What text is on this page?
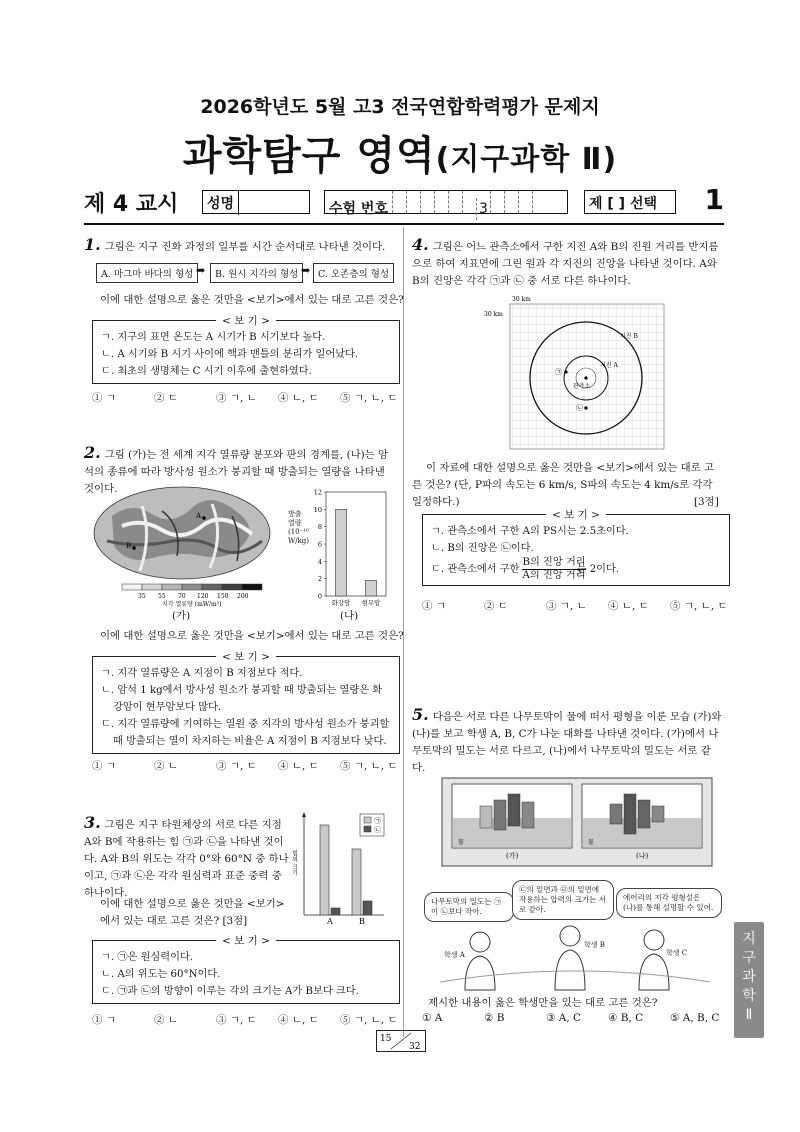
2026학년도 5월 고3 전국연합학력평가 문제지
과학탐구 영역(지구과학 Ⅱ)
제 4 교시	성명	수험 번호	3	제 [ ] 선택	1
1. 그림은 지구 진화 과정의 일부를 시간 순서대로 나타낸 것이다.
A. 마그마 바다의 형성 ➡	B. 원시 지각의 형성 ➡ C. 오존층의 형성
이에 대한 설명으로 옳은 것만을 <보기>에서 있는 대로 고른 것은?
< 보 기 >
ㄱ. 지구의 표면 온도는 A 시기가 B 시기보다 높다.
ㄴ. A 시기와 B 시기 사이에 핵과 맨틀의 분리가 일어났다.
ㄷ. 최초의 생명체는 C 시기 이후에 출현하였다.
① ㄱ	② ㄷ	③ ㄱ, ㄴ	④ ㄴ, ㄷ	⑤ ㄱ, ㄴ, ㄷ
2. 그림 (가)는 전 세계 지각 열류량 분포와 판의 경계를, (나)는 암석의 종류에 따라 방사성 원소가 붕괴할 때 방출되는 열량을 나타낸 것이다.
A
B
35 55 70 120 150 200
지각 열류량 (mW/m²)
(가)
방출 열량 (10⁻¹⁰ W/kg)
0
2
4
6
8
10
12
화강암 현무암
(나)
이에 대한 설명으로 옳은 것만을 <보기>에서 있는 대로 고른 것은?
< 보 기 >
ㄱ. 지각 열류량은 A 지점이 B 지점보다 적다.
ㄴ. 암석 1 kg에서 방사성 원소가 붕괴할 때 방출되는 열량은 화강암이 현무암보다 많다.
ㄷ. 지각 열류량에 기여하는 열원 중 지각의 방사성 원소가 붕괴할 때 방출되는 열이 차지하는 비율은 A 지점이 B 지점보다 낮다.
① ㄱ	② ㄴ	③ ㄱ, ㄷ	④ ㄴ, ㄷ	⑤ ㄱ, ㄴ, ㄷ
3. 그림은 지구 타원체상의 서로 다른 지점 A와 B에 작용하는 힘 ㉠과 ㉡을 나타낸 것이다. A와 B의 위도는 각각 0°와 60°N 중 하나이고, ㉠과 ㉡은 각각 원심력과 표준 중력 중 하나이다.
이에 대한 설명으로 옳은 것만을 <보기>에서 있는 대로 고른 것은? [3점]
㉠
㉡
A	B
힘의 크기
< 보 기 >
ㄱ. ㉠은 원심력이다.
ㄴ. A의 위도는 60°N이다.
ㄷ. ㉠과 ㉡의 방향이 이루는 각의 크기는 A가 B보다 크다.
① ㄱ	② ㄴ	③ ㄱ, ㄷ	④ ㄴ, ㄷ	⑤ ㄱ, ㄴ, ㄷ
4. 그림은 어느 관측소에서 구한 지진 A와 B의 진원 거리를 반지름으로 하여 지표면에 그린 원과 각 지진의 진앙을 나타낸 것이다. A와 B의 진앙은 각각 ㉠과 ㉡ 중 서로 다른 하나이다.
30 km
30 km
관측소
㉠
㉡
지진 A
지진 B
이 자료에 대한 설명으로 옳은 것만을 <보기>에서 있는 대로 고른 것은? (단, P파의 속도는 6 km/s, S파의 속도는 4 km/s로 각각 일정하다.)	[3점]
< 보 기 >
ㄱ. 관측소에서 구한 A의 PS시는 2.5초이다.
ㄴ. B의 진앙은 ㉡이다.
ㄷ. 관측소에서 구한
B의 진앙 거리
A의 진앙 거리
는 2이다.
① ㄱ	② ㄷ	③ ㄱ, ㄴ	④ ㄴ, ㄷ	⑤ ㄱ, ㄴ, ㄷ
5. 다음은 서로 다른 나무토막이 물에 떠서 평형을 이룬 모습 (가)와 (나)를 보고 학생 A, B, C가 나눈 대화를 나타낸 것이다. (가)에서 나무토막의 밀도는 서로 다르고, (나)에서 나무토막의 밀도는 서로 같다.
물	물
(가)	(나)
나무토막의 밀도는 ㉠이 ㉡보다 작아.
㉢의 밑면과 ㉣의 밑면에 작용하는 압력의 크기는 서로 같아.
에어리의 지각 평형설은 (나)를 통해 설명할 수 있어.
학생 A
학생 B
학생 C
제시한 내용이 옳은 학생만을 있는 대로 고른 것은?
① A	② B	③ A, C	④ B, C	⑤ A, B, C
지
구
과
학
Ⅱ
15
32
